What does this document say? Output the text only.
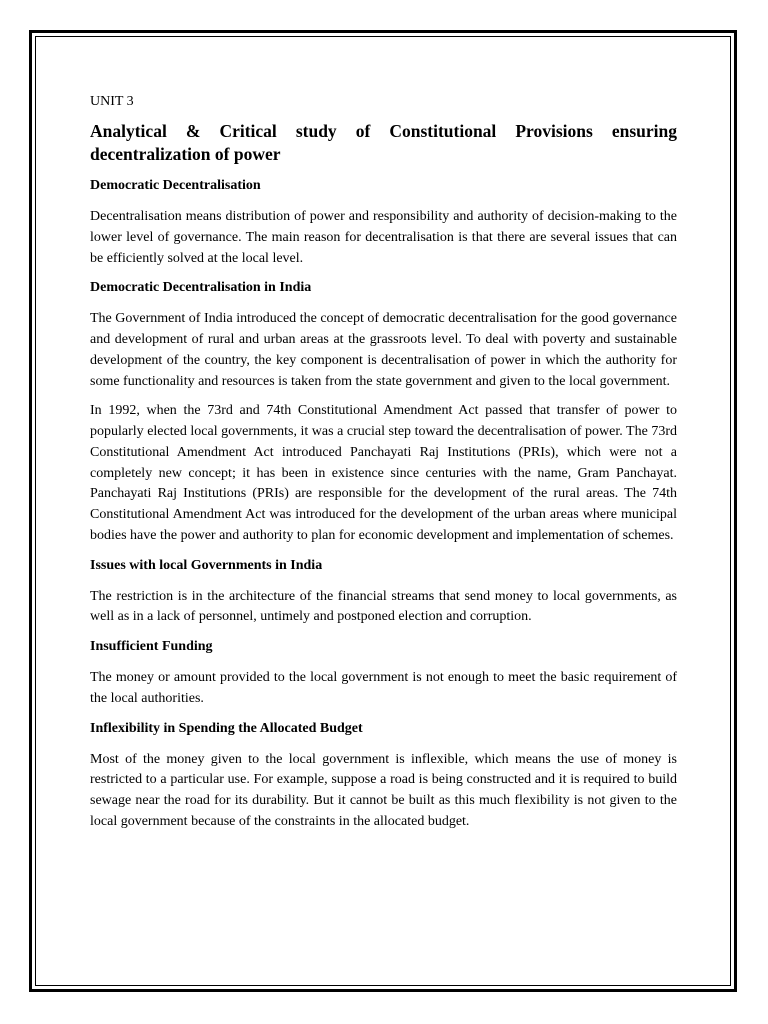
UNIT 3
Analytical & Critical study of Constitutional Provisions ensuring decentralization of power
Democratic Decentralisation

Decentralisation means distribution of power and responsibility and authority of decision-making to the lower level of governance. The main reason for decentralisation is that there are several issues that can be efficiently solved at the local level.

Democratic Decentralisation in India

The Government of India introduced the concept of democratic decentralisation for the good governance and development of rural and urban areas at the grassroots level. To deal with poverty and sustainable development of the country, the key component is decentralisation of power in which the authority for some functionality and resources is taken from the state government and given to the local government.

In 1992, when the 73rd and 74th Constitutional Amendment Act passed that transfer of power to popularly elected local governments, it was a crucial step toward the decentralisation of power. The 73rd Constitutional Amendment Act introduced Panchayati Raj Institutions (PRIs), which were not a completely new concept; it has been in existence since centuries with the name, Gram Panchayat. Panchayati Raj Institutions (PRIs) are responsible for the development of the rural areas. The 74th Constitutional Amendment Act was introduced for the development of the urban areas where municipal bodies have the power and authority to plan for economic development and implementation of schemes.

Issues with local Governments in India

The restriction is in the architecture of the financial streams that send money to local governments, as well as in a lack of personnel, untimely and postponed election and corruption.

Insufficient Funding

The money or amount provided to the local government is not enough to meet the basic requirement of the local authorities.

Inflexibility in Spending the Allocated Budget

Most of the money given to the local government is inflexible, which means the use of money is restricted to a particular use. For example, suppose a road is being constructed and it is required to build sewage near the road for its durability. But it cannot be built as this much flexibility is not given to the local government because of the constraints in the allocated budget.
